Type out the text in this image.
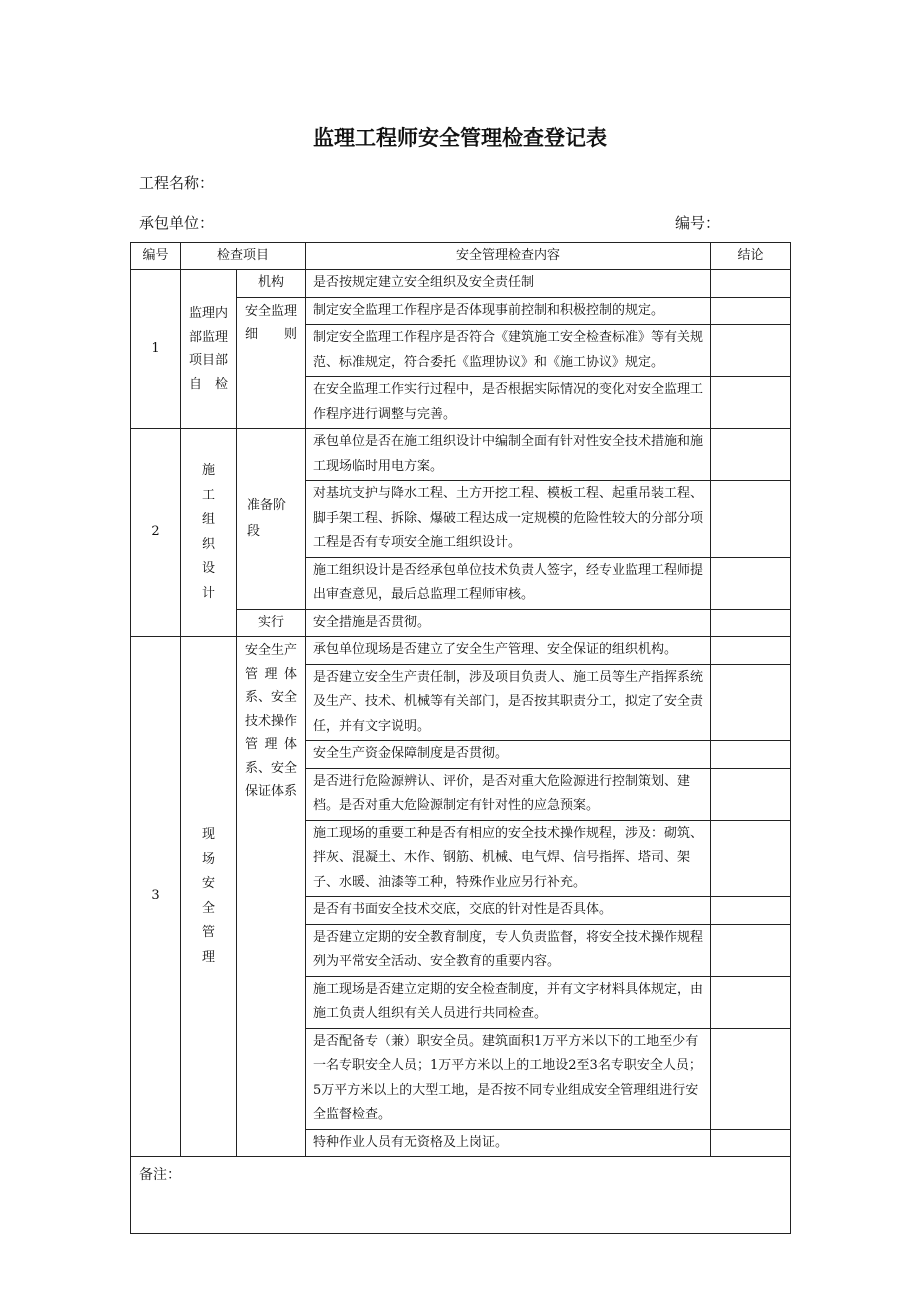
监理工程师安全管理检查登记表
工程名称：
承包单位：	编号：
编号	检查项目		安全管理检查内容	结论
1	监理内部监理项目部自检	机构	是否按规定建立安全组织及安全责任制	
		安全监理细则	制定安全监理工作程序是否体现事前控制和积极控制的规定。	
			制定安全监理工作程序是否符合《建筑施工安全检查标准》等有关规范、标准规定，符合委托《监理协议》和《施工协议》规定。	
			在安全监理工作实行过程中，是否根据实际情况的变化对安全监理工作程序进行调整与完善。	
2	施工组织设计	准备阶段	承包单位是否在施工组织设计中编制全面有针对性安全技术措施和施工现场临时用电方案。	
			对基坑支护与降水工程、土方开挖工程、模板工程、起重吊装工程、脚手架工程、拆除、爆破工程达成一定规模的危险性较大的分部分项工程是否有专项安全施工组织设计。	
			施工组织设计是否经承包单位技术负责人签字，经专业监理工程师提出审查意见，最后总监理工程师审核。	
		实行	安全措施是否贯彻。	
3	现场安全管理	安全生产管理体系、安全技术操作管理体系、安全保证体系	承包单位现场是否建立了安全生产管理、安全保证的组织机构。	
			是否建立安全生产责任制，涉及项目负责人、施工员等生产指挥系统及生产、技术、机械等有关部门，是否按其职责分工，拟定了安全责任，并有文字说明。	
			安全生产资金保障制度是否贯彻。	
			是否进行危险源辨认、评价，是否对重大危险源进行控制策划、建档。是否对重大危险源制定有针对性的应急预案。	
			施工现场的重要工种是否有相应的安全技术操作规程，涉及：砌筑、拌灰、混凝土、木作、钢筋、机械、电气焊、信号指挥、塔司、架子、水暖、油漆等工种，特殊作业应另行补充。	
			是否有书面安全技术交底，交底的针对性是否具体。	
			是否建立定期的安全教育制度，专人负责监督，将安全技术操作规程列为平常安全活动、安全教育的重要内容。	
			施工现场是否建立定期的安全检查制度，并有文字材料具体规定，由施工负责人组织有关人员进行共同检查。	
			是否配备专（兼）职安全员。建筑面积1万平方米以下的工地至少有一名专职安全人员；1万平方米以上的工地设2至3名专职安全人员；5万平方米以上的大型工地，是否按不同专业组成安全管理组进行安全监督检查。	
			特种作业人员有无资格及上岗证。	
备注：				
